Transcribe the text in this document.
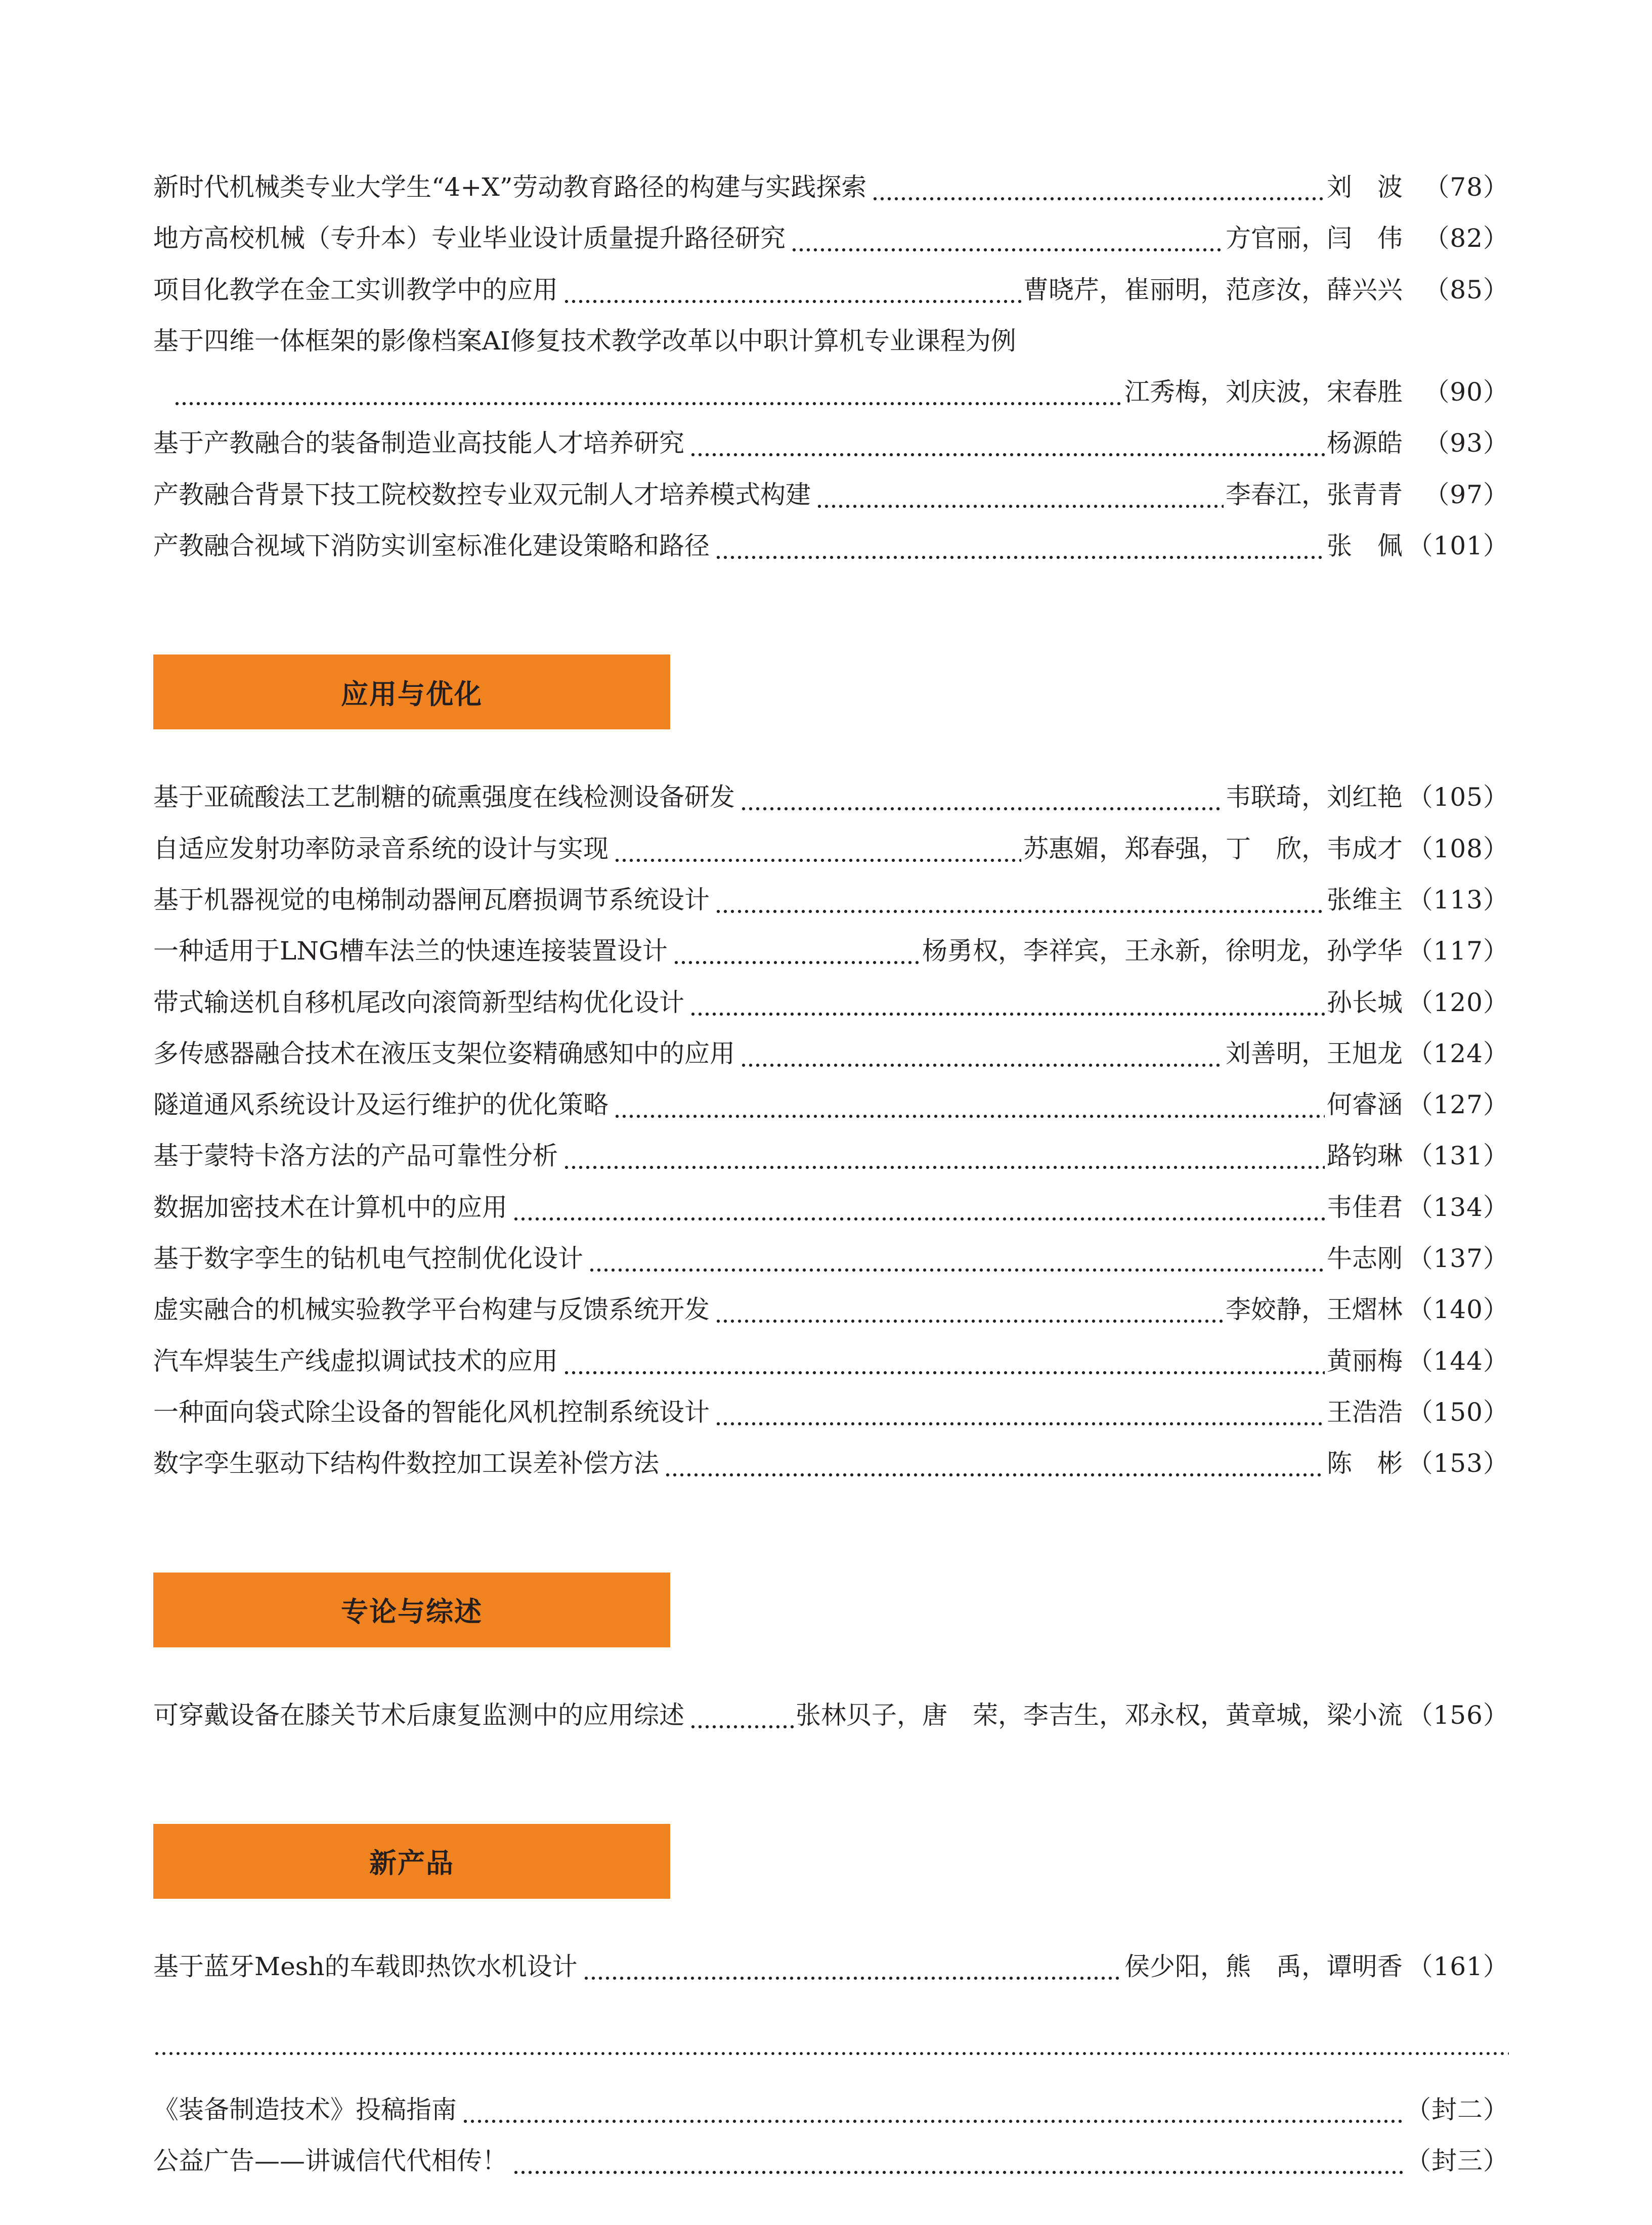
新时代机械类专业大学生“4+X”劳动教育路径的构建与实践探索	刘　波 （78）
地方高校机械（专升本）专业毕业设计质量提升路径研究	方官丽，闫　伟 （82）
项目化教学在金工实训教学中的应用	曹晓芹，崔丽明，范彦汝，薛兴兴 （85）
基于四维一体框架的影像档案AI修复技术教学改革以中职计算机专业课程为例
江秀梅，刘庆波，宋春胜 （90）
基于产教融合的装备制造业高技能人才培养研究	杨源皓 （93）
产教融合背景下技工院校数控专业双元制人才培养模式构建	李春江，张青青 （97）
产教融合视域下消防实训室标准化建设策略和路径	张　佩 （101）
应用与优化
基于亚硫酸法工艺制糖的硫熏强度在线检测设备研发	韦联琦，刘红艳 （105）
自适应发射功率防录音系统的设计与实现	苏惠媚，郑春强，丁　欣，韦成才 （108）
基于机器视觉的电梯制动器闸瓦磨损调节系统设计	张维主 （113）
一种适用于LNG槽车法兰的快速连接装置设计	杨勇权，李祥宾，王永新，徐明龙，孙学华 （117）
带式输送机自移机尾改向滚筒新型结构优化设计	孙长城 （120）
多传感器融合技术在液压支架位姿精确感知中的应用	刘善明，王旭龙 （124）
隧道通风系统设计及运行维护的优化策略	何睿涵 （127）
基于蒙特卡洛方法的产品可靠性分析	路钧琳 （131）
数据加密技术在计算机中的应用	韦佳君 （134）
基于数字孪生的钻机电气控制优化设计	牛志刚 （137）
虚实融合的机械实验教学平台构建与反馈系统开发	李姣静，王熠林 （140）
汽车焊装生产线虚拟调试技术的应用	黄丽梅 （144）
一种面向袋式除尘设备的智能化风机控制系统设计	王浩浩 （150）
数字孪生驱动下结构件数控加工误差补偿方法	陈　彬 （153）
专论与综述
可穿戴设备在膝关节术后康复监测中的应用综述	张林贝子，唐　荣，李吉生，邓永权，黄章城，梁小流 （156）
新产品
基于蓝牙Mesh的车载即热饮水机设计	侯少阳，熊　禹，谭明香 （161）
《装备制造技术》投稿指南	（封二）
公益广告——讲诚信代代相传！	（封三）
